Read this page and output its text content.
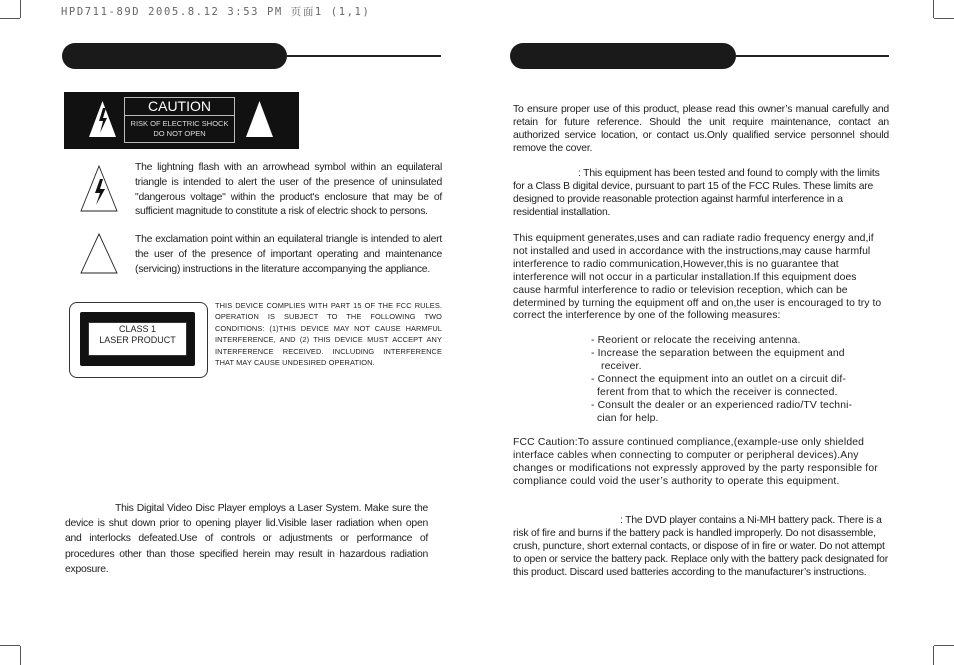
HPD711-89D 2005.8.12 3:53 PM 页面1 (1,1)
CAUTION
RISK OF ELECTRIC SHOCK
DO NOT OPEN
The lightning flash with an arrowhead symbol within an equilateral triangle is intended to alert the user of the presence of uninsulated "dangerous voltage" within the product's enclosure that may be of sufficient magnitude to constitute a risk of electric shock to persons.
The exclamation point within an equilateral triangle is intended to alert the user of the presence of important operating and maintenance (servicing) instructions in the literature accompanying the appliance.
CLASS 1
LASER PRODUCT
THIS DEVICE COMPLIES WITH PART 15 OF THE FCC RULES. OPERATION IS SUBJECT TO THE FOLLOWING TWO CONDITIONS: (1)THIS DEVICE MAY NOT CAUSE HARMFUL INTERFERENCE, AND (2) THIS DEVICE MUST ACCEPT ANY INTERFERENCE RECEIVED. INCLUDING INTERFERENCE THAT MAY CAUSE UNDESIRED OPERATION.
This Digital Video Disc Player employs a Laser System. Make sure the device is shut down prior to opening player lid.Visible laser radiation when open and interlocks defeated.Use of controls or adjustments or performance of procedures other than those specified herein may result in hazardous radiation exposure.
To ensure proper use of this product, please read this owner’s manual carefully and retain for future reference. Should the unit require maintenance, contact an authorized service location, or contact us.Only qualified service personnel should remove the cover.
: This equipment has been tested and found to comply with the limits for a Class B digital device, pursuant to part 15 of the FCC Rules. These limits are designed to provide reasonable protection against harmful interference in a residential installation.
This equipment generates,uses and can radiate radio frequency energy and,if not installed and used in accordance with the instructions,may cause harmful interference to radio communication,However,this is no guarantee that interference will not occur in a particular installation.If this equipment does cause harmful interference to radio or television reception, which can be determined by turning the equipment off and on,the user is encouraged to try to correct the interference by one of the following measures:
- Reorient or relocate the receiving antenna.
- Increase the separation between the equipment and
receiver.
- Connect the equipment into an outlet on a circuit dif-
ferent from that to which the receiver is connected.
- Consult the dealer or an experienced radio/TV techni-
cian for help.
FCC Caution:To assure continued compliance,(example-use only shielded interface cables when connecting to computer or peripheral devices).Any changes or modifications not expressly approved by the party responsible for compliance could void the user’s authority to operate this equipment.
: The DVD player contains a Ni-MH battery pack. There is a risk of fire and burns if the battery pack is handled improperly. Do not disassemble, crush, puncture, short external contacts, or dispose of in fire or water. Do not attempt to open or service the battery pack. Replace only with the battery pack designated for this product. Discard used batteries according to the manufacturer’s instructions.
